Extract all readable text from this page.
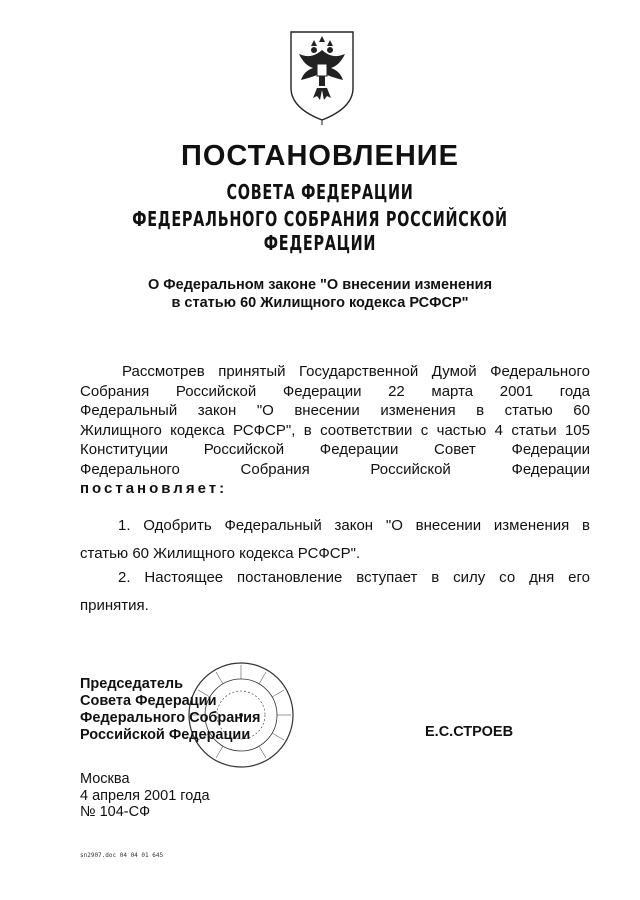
ПОСТАНОВЛЕНИЕ
СОВЕТА ФЕДЕРАЦИИ
ФЕДЕРАЛЬНОГО СОБРАНИЯ РОССИЙСКОЙ ФЕДЕРАЦИИ
О Федеральном законе "О внесении изменения
в статью 60 Жилищного кодекса РСФСР"
Рассмотрев принятый Государственной Думой Федерального
Собрания Российской Федерации 22 марта 2001 года
Федеральный закон "О внесении изменения в статью 60
Жилищного кодекса РСФСР", в соответствии с частью 4 статьи 105
Конституции Российской Федерации Совет Федерации
Федерального Собрания Российской Федерации
постановляет:
1. Одобрить Федеральный закон "О внесении изменения в
статью 60 Жилищного кодекса РСФСР".
2. Настоящее постановление вступает в силу со дня его
принятия.
Председатель
Совета Федерации
Федерального Собрания
Российской Федерации	Е.С.СТРОЕВ
Москва
4 апреля 2001 года
№ 104-СФ
sn2907.doc 04 04 01 645
